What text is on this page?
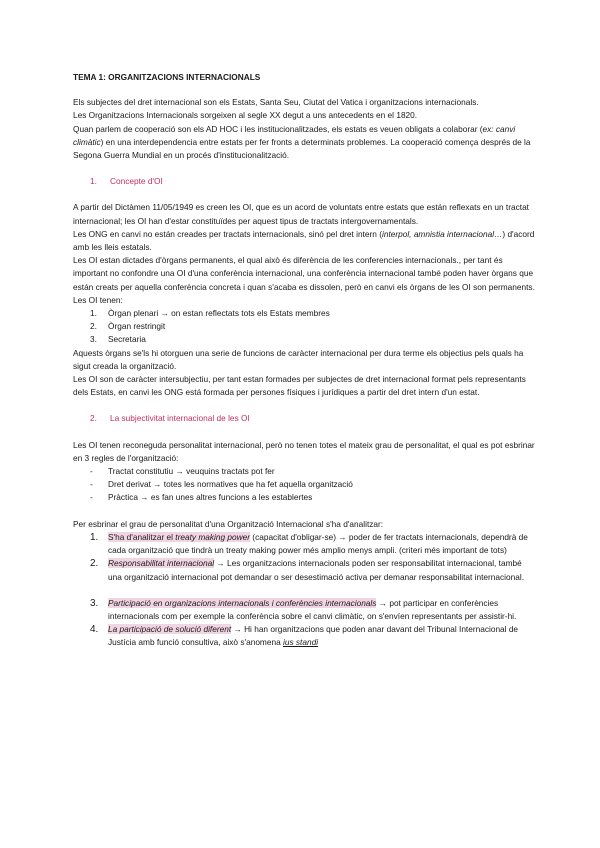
TEMA 1: ORGANITZACIONS INTERNACIONALS

Els subjectes del dret internacional son els Estats, Santa Seu, Ciutat del Vatica i organitzacions internacionals.

Les Organitzacions Internacionals sorgeixen al segle XX degut a uns antecedents en el 1820.

Quan parlem de cooperació son els AD HOC i les institucionalitzades, els estats es veuen obligats a colaborar (ex: canvi climàtic) en una interdependencia entre estats per fer fronts a determinats problemes. La cooperació comença després de la Segona Guerra Mundial en un procés d'institucionalització.

1. Concepte d'OI

A partir del Dictàmen 11/05/1949 es creen les OI, que es un acord de voluntats entre estats que están reflexats en un tractat internacional; les OI han d'estar constituïdes per aquest tipus de tractats intergovernamentals.

Les ONG en canvi no están creades per tractats internacionals, sinó pel dret intern (interpol, amnistia internacional…) d'acord amb les lleis estatals.

Les OI estan dictades d'òrgans permanents, el qual això és diferència de les conferencies internacionals., per tant és important no confondre una OI d'una conferència internacional, una conferència internacional també poden haver òrgans que están creats per aquella conferència concreta i quan s'acaba es dissolen, però en canvi els òrgans de les OI son permanents.

Les OI tenen:

1. Òrgan plenari → on estan reflectats tots els Estats membres
2. Òrgan restringit
3. Secretaria

Aquests òrgans se'ls hi otorguen una serie de funcions de caràcter internacional per dura terme els objectius pels quals ha sigut creada la organització.

Les OI son de caràcter intersubjectiu, per tant estan formades per subjectes de dret internacional format pels representants dels Estats, en canvi les ONG está formada per persones físiques i jurídiques a partir del dret intern d'un estat.

2. La subjectivitat internacional de les OI

Les OI tenen reconeguda personalitat internacional, però no tenen totes el mateix grau de personalitat, el qual es pot esbrinar en 3 regles de l'organització:

- Tractat constitutiu → veuquins tractats pot fer
- Dret derivat → totes les normatives que ha fet aquella organització
- Pràctica → es fan unes altres funcions a les establertes

Per esbrinar el grau de personalitat d'una Organització Internacional s'ha d'analitzar:

1. S'ha d'analitzar el treaty making power (capacitat d'obligar-se) → poder de fer tractats internacionals, dependrà de cada organització que tindrà un treaty making power més amplio menys ampli. (criteri més important de tots)
2. Responsabilitat internacional → Les organitzacions internacionals poden ser responsabilitat internacional, també una organització internacional pot demandar o ser desestimació activa per demanar responsabilitat internacional.
3. Participació en organizacions internacionals i conferències internacionals → pot participar en conferències internacionals com per exemple la conferència sobre el canvi climàtic, on s'envíen representants per assistir-hi.
4. La participació de solució diferent → Hi han organitzacions que poden anar davant del Tribunal Internacional de Justícia amb funció consultiva, això s'anomena ius standi
